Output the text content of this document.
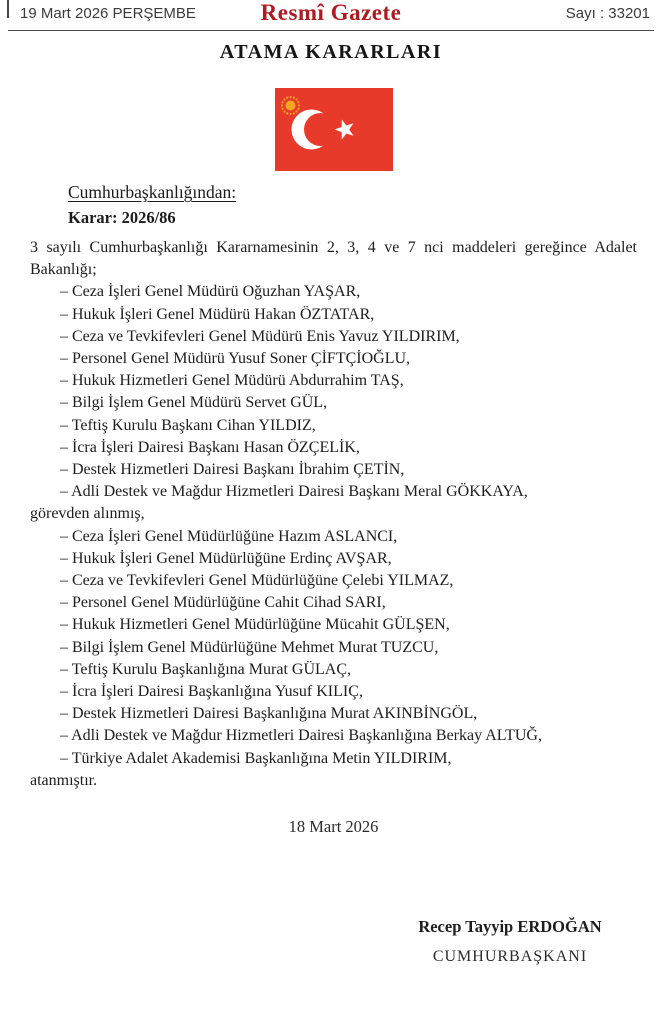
19 Mart 2026 PERŞEMBE	Resmî Gazete	Sayı : 33201
ATAMA KARARLARI

Cumhurbaşkanlığından:

Karar: 2026/86

3 sayılı Cumhurbaşkanlığı Kararnamesinin 2, 3, 4 ve 7 nci maddeleri gereğince Adalet Bakanlığı;

– Ceza İşleri Genel Müdürü Oğuzhan YAŞAR,

– Hukuk İşleri Genel Müdürü Hakan ÖZTATAR,

– Ceza ve Tevkifevleri Genel Müdürü Enis Yavuz YILDIRIM,

– Personel Genel Müdürü Yusuf Soner ÇİFTÇİOĞLU,

– Hukuk Hizmetleri Genel Müdürü Abdurrahim TAŞ,

– Bilgi İşlem Genel Müdürü Servet GÜL,

– Teftiş Kurulu Başkanı Cihan YILDIZ,

– İcra İşleri Dairesi Başkanı Hasan ÖZÇELİK,

– Destek Hizmetleri Dairesi Başkanı İbrahim ÇETİN,

– Adli Destek ve Mağdur Hizmetleri Dairesi Başkanı Meral GÖKKAYA,

görevden alınmış,

– Ceza İşleri Genel Müdürlüğüne Hazım ASLANCI,

– Hukuk İşleri Genel Müdürlüğüne Erdinç AVŞAR,

– Ceza ve Tevkifevleri Genel Müdürlüğüne Çelebi YILMAZ,

– Personel Genel Müdürlüğüne Cahit Cihad SARI,

– Hukuk Hizmetleri Genel Müdürlüğüne Mücahit GÜLŞEN,

– Bilgi İşlem Genel Müdürlüğüne Mehmet Murat TUZCU,

– Teftiş Kurulu Başkanlığına Murat GÜLAÇ,

– İcra İşleri Dairesi Başkanlığına Yusuf KILIÇ,

– Destek Hizmetleri Dairesi Başkanlığına Murat AKINBİNGÖL,

– Adli Destek ve Mağdur Hizmetleri Dairesi Başkanlığına Berkay ALTUĞ,

– Türkiye Adalet Akademisi Başkanlığına Metin YILDIRIM,

atanmıştır.

18 Mart 2026

Recep Tayyip ERDOĞAN

CUMHURBAŞKANI
